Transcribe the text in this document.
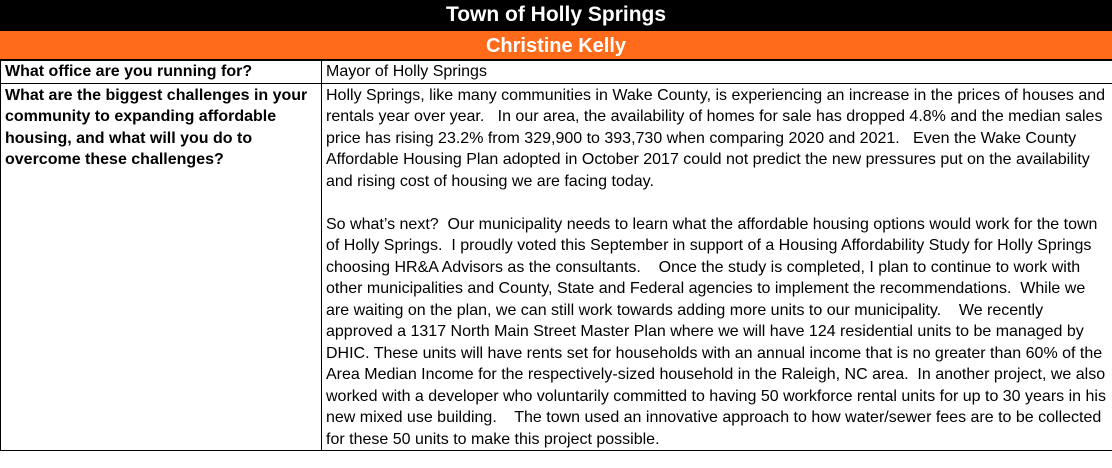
Town of Holly Springs
Christine Kelly
What office are you running for?	Mayor of Holly Springs

What are the biggest challenges in your community to expanding affordable housing, and what will you do to overcome these challenges?	Holly Springs, like many communities in Wake County, is experiencing an increase in the prices of houses and rentals year over year.   In our area, the availability of homes for sale has dropped 4.8% and the median sales price has rising 23.2% from 329,900 to 393,730 when comparing 2020 and 2021.   Even the Wake County Affordable Housing Plan adopted in October 2017 could not predict the new pressures put on the availability and rising cost of housing we are facing today.

So what’s next?  Our municipality needs to learn what the affordable housing options would work for the town of Holly Springs.  I proudly voted this September in support of a Housing Affordability Study for Holly Springs choosing HR&A Advisors as the consultants.    Once the study is completed, I plan to continue to work with other municipalities and County, State and Federal agencies to implement the recommendations.  While we are waiting on the plan, we can still work towards adding more units to our municipality.    We recently approved a 1317 North Main Street Master Plan where we will have 124 residential units to be managed by DHIC. These units will have rents set for households with an annual income that is no greater than 60% of the Area Median Income for the respectively-sized household in the Raleigh, NC area.  In another project, we also worked with a developer who voluntarily committed to having 50 workforce rental units for up to 30 years in his new mixed use building.    The town used an innovative approach to how water/sewer fees are to be collected for these 50 units to make this project possible.
